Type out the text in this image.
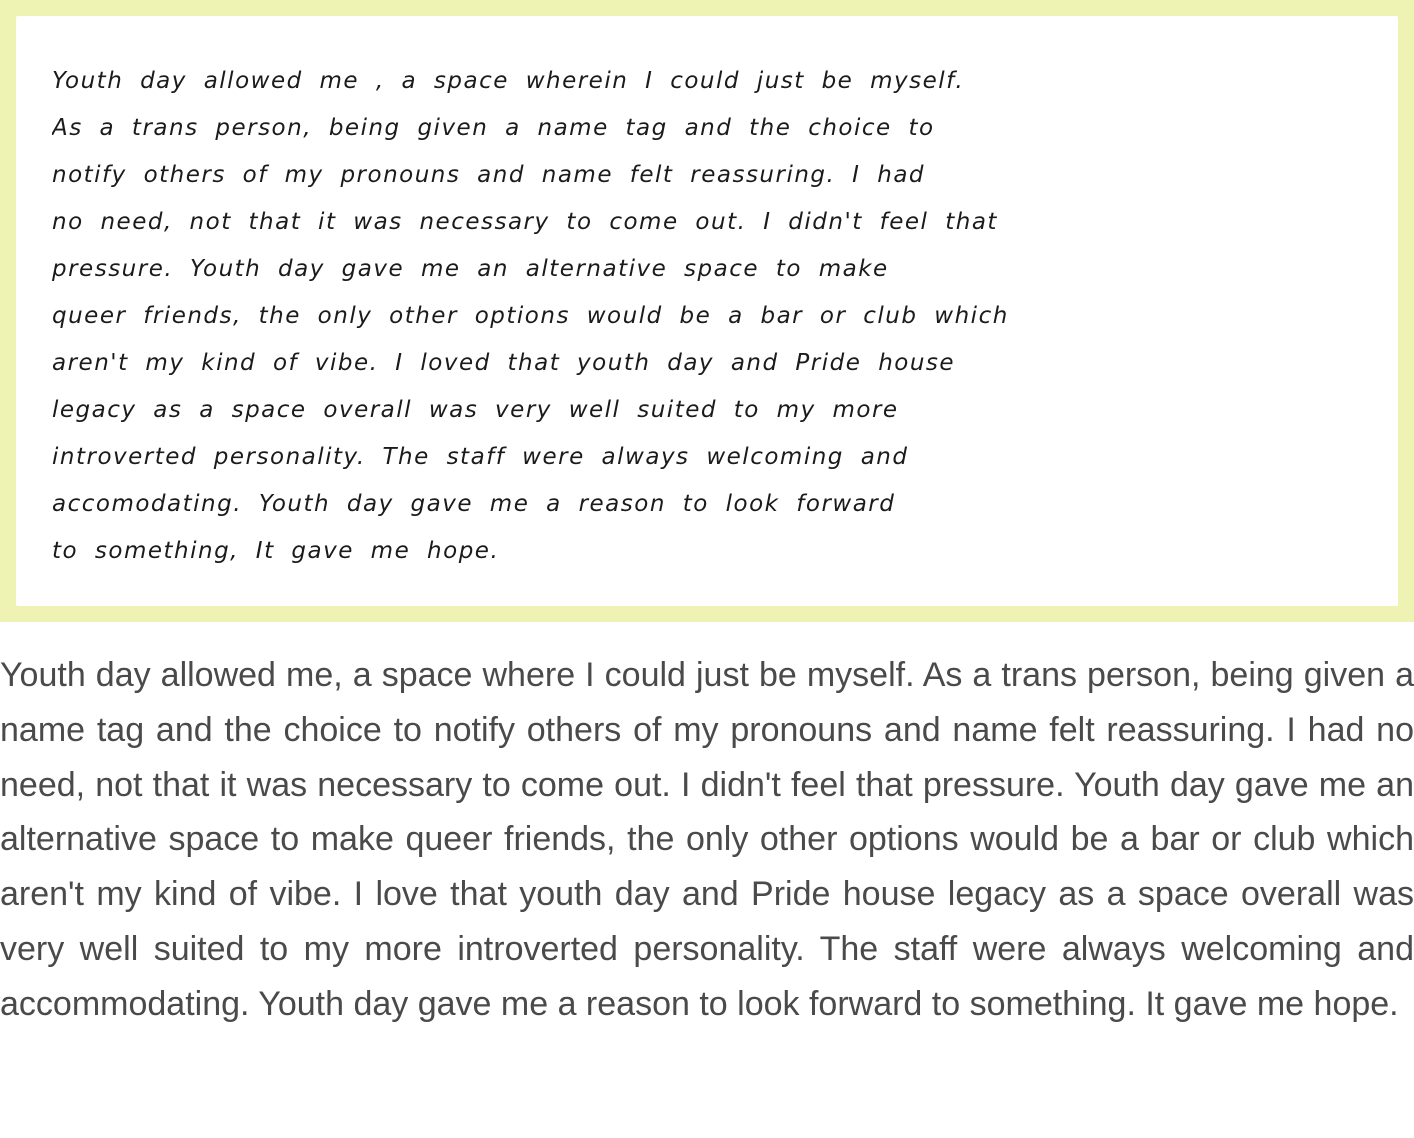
Youth day allowed me , a space wherein I could just be myself.
As a trans person, being given a name tag and the choice to
notify others of my pronouns and name felt reassuring. I had
no need, not that it was necessary to come out. I didn't feel that
pressure. Youth day gave me an alternative space to make
queer friends, the only other options would be a bar or club which
aren't my kind of vibe. I loved that youth day and Pride house
legacy as a space overall was very well suited to my more
introverted personality. The staff were always welcoming and
accomodating. Youth day gave me a reason to look forward
to something, It gave me hope.

Youth day allowed me, a space where I could just be myself. As a trans person, being given a name tag and the choice to notify others of my pronouns and name felt reassuring. I had no need, not that it was necessary to come out. I didn't feel that pressure. Youth day gave me an alternative space to make queer friends, the only other options would be a bar or club which aren't my kind of vibe. I love that youth day and Pride house legacy as a space overall was very well suited to my more introverted personality. The staff were always welcoming and accommodating. Youth day gave me a reason to look forward to something. It gave me hope.
